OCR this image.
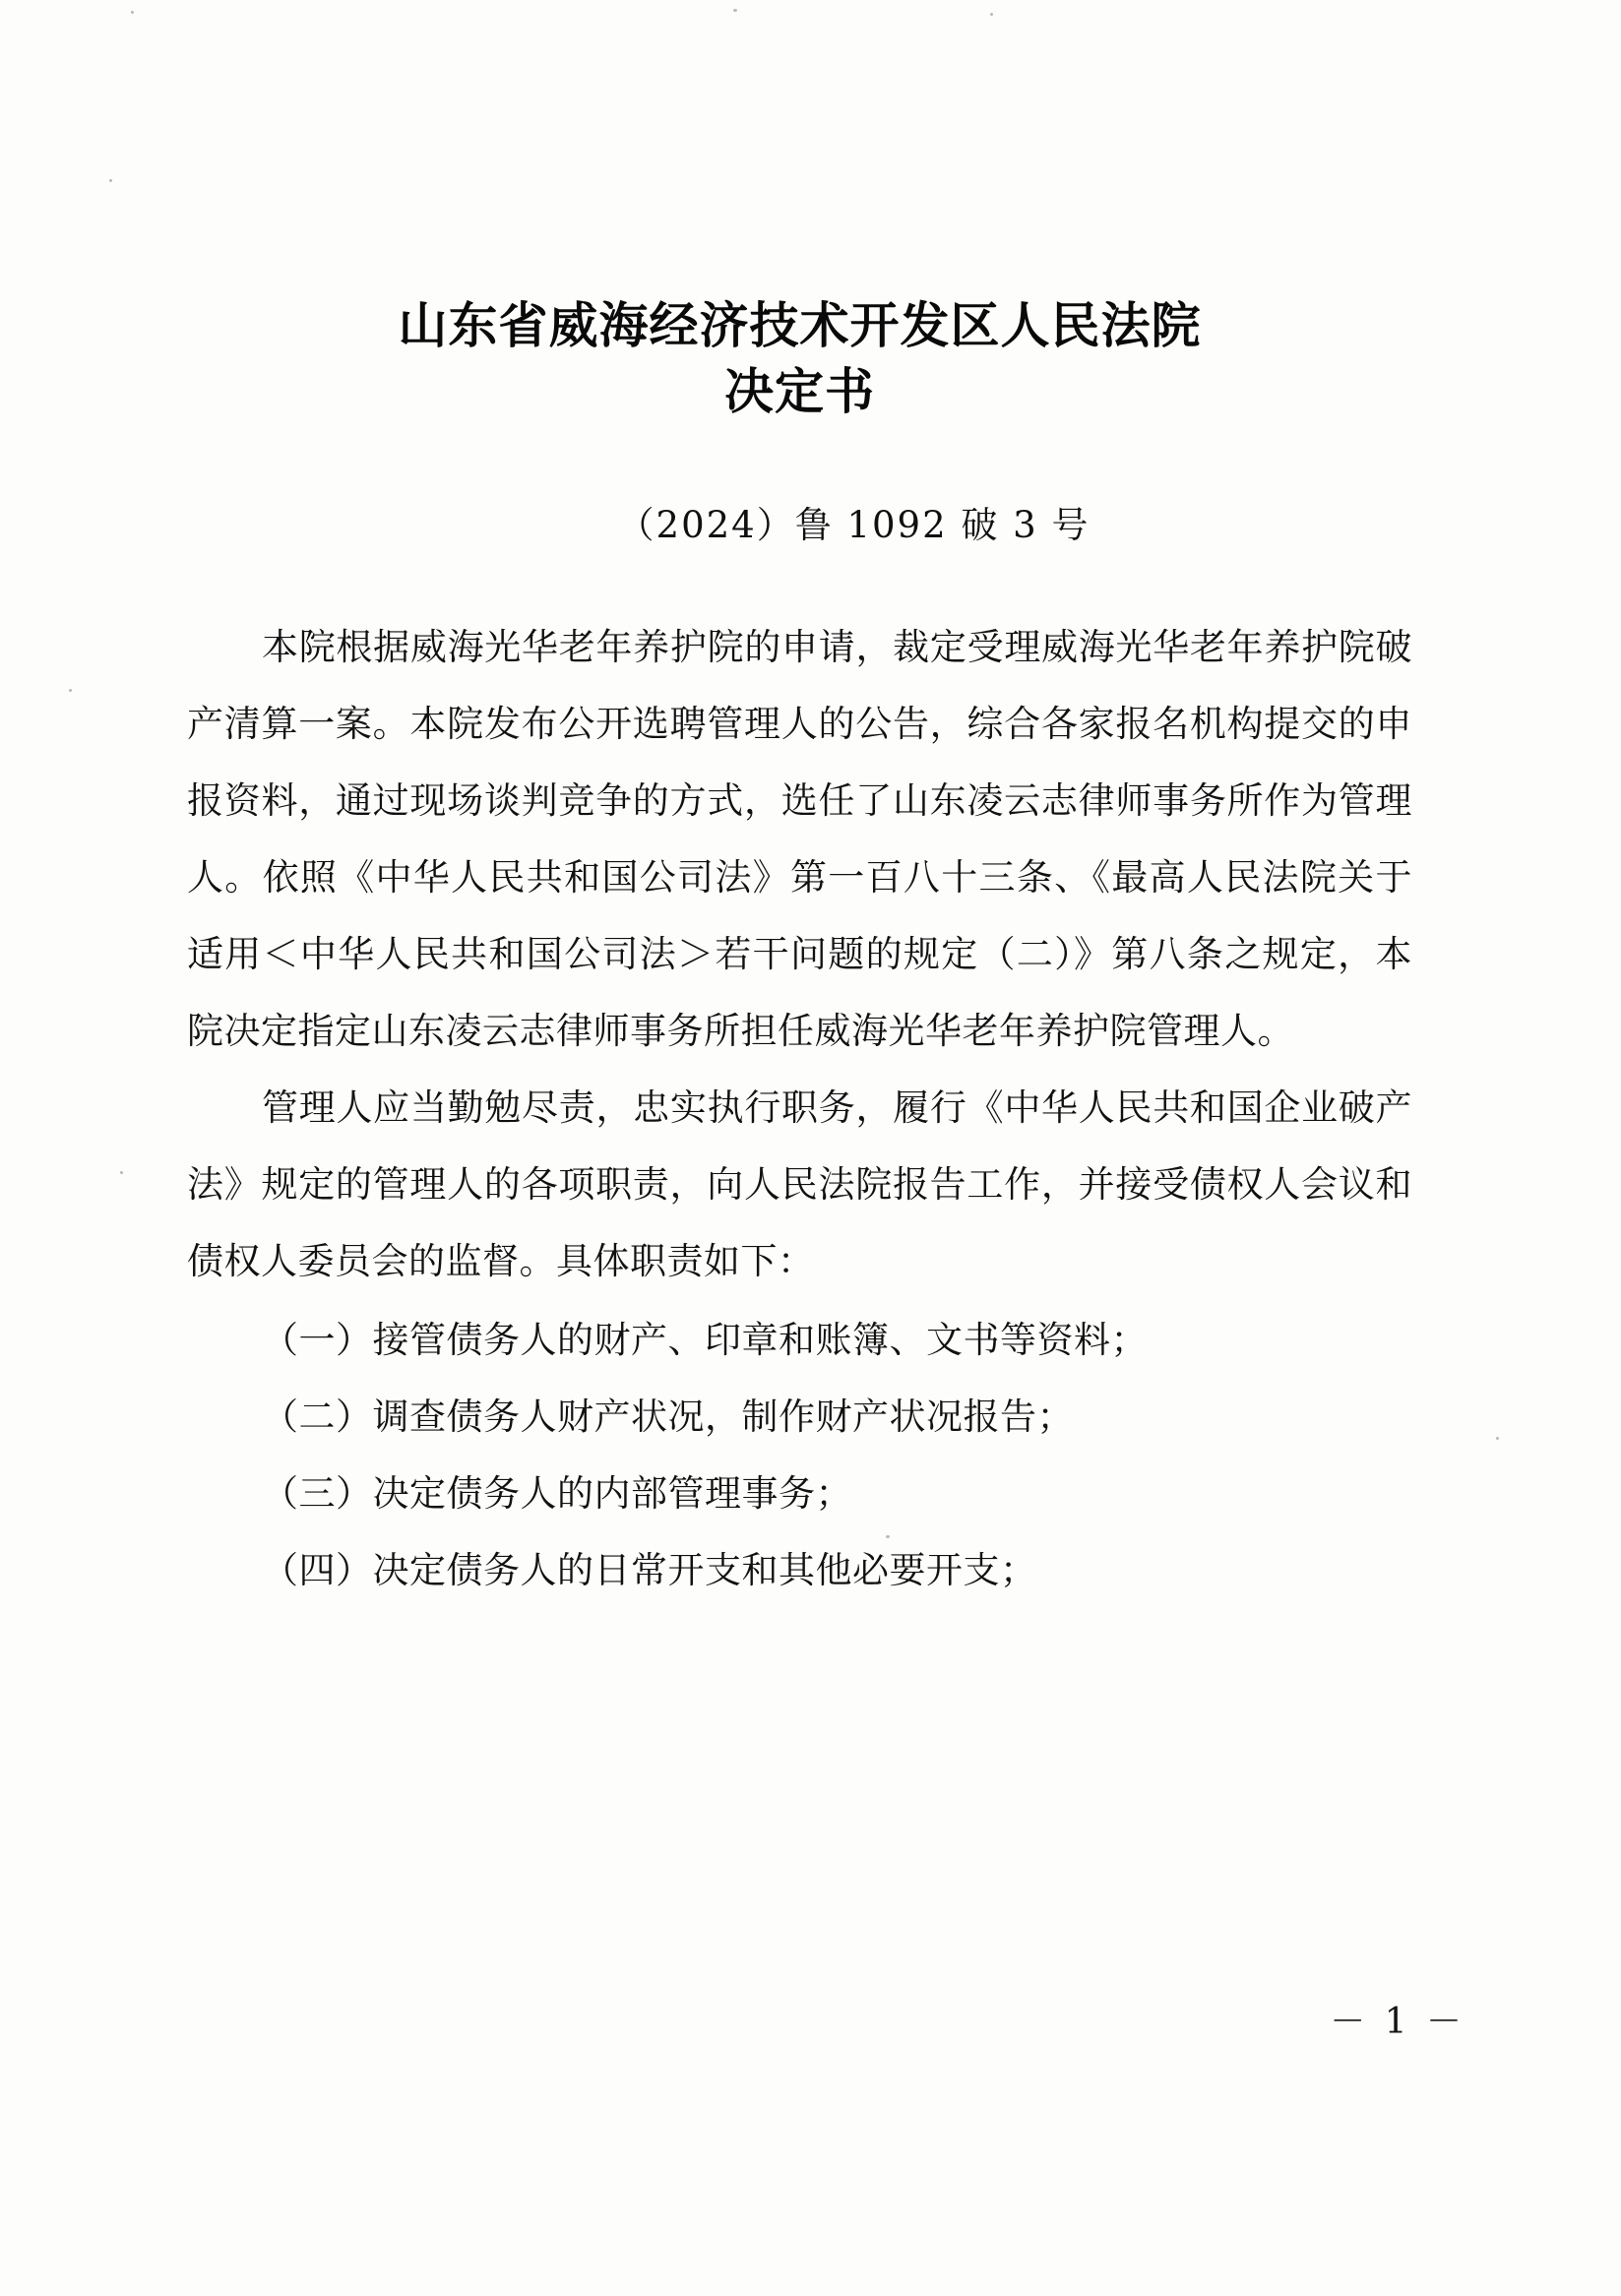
山东省威海经济技术开发区人民法院
决定书
（2024）鲁 1092 破 3 号

本院根据威海光华老年养护院的申请，裁定受理威海光华老年养护院破产清算一案。本院发布公开选聘管理人的公告，综合各家报名机构提交的申报资料，通过现场谈判竞争的方式，选任了山东凌云志律师事务所作为管理人。依照《中华人民共和国公司法》第一百八十三条、《最高人民法院关于适用＜中华人民共和国公司法＞若干问题的规定（二）》第八条之规定，本院决定指定山东凌云志律师事务所担任威海光华老年养护院管理人。

管理人应当勤勉尽责，忠实执行职务，履行《中华人民共和国企业破产法》规定的管理人的各项职责，向人民法院报告工作，并接受债权人会议和债权人委员会的监督。具体职责如下：

（一）接管债务人的财产、印章和账簿、文书等资料；

（二）调查债务人财产状况，制作财产状况报告；

（三）决定债务人的内部管理事务；

（四）决定债务人的日常开支和其他必要开支；

－ 1 －
